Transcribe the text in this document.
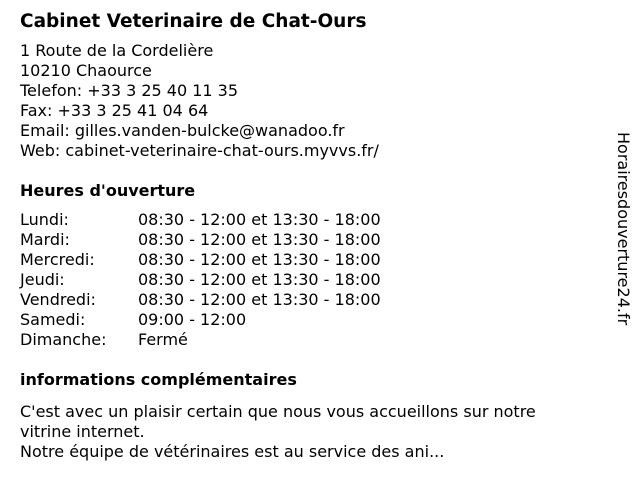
Cabinet Veterinaire de Chat-Ours
1 Route de la Cordelière
10210 Chaource
Telefon: +33 3 25 40 11 35
Fax: +33 3 25 41 04 64
Email: gilles.vanden-bulcke@wanadoo.fr
Web: cabinet-veterinaire-chat-ours.myvvs.fr/
Heures d'ouverture
Lundi:	08:30 - 12:00 et 13:30 - 18:00
Mardi:	08:30 - 12:00 et 13:30 - 18:00
Mercredi:	08:30 - 12:00 et 13:30 - 18:00
Jeudi:	08:30 - 12:00 et 13:30 - 18:00
Vendredi:	08:30 - 12:00 et 13:30 - 18:00
Samedi:	09:00 - 12:00
Dimanche: Fermé
informations complémentaires
C'est avec un plaisir certain que nous vous accueillons sur notre
vitrine internet.
Notre équipe de vétérinaires est au service des ani...
Horairesdouverture24.fr
